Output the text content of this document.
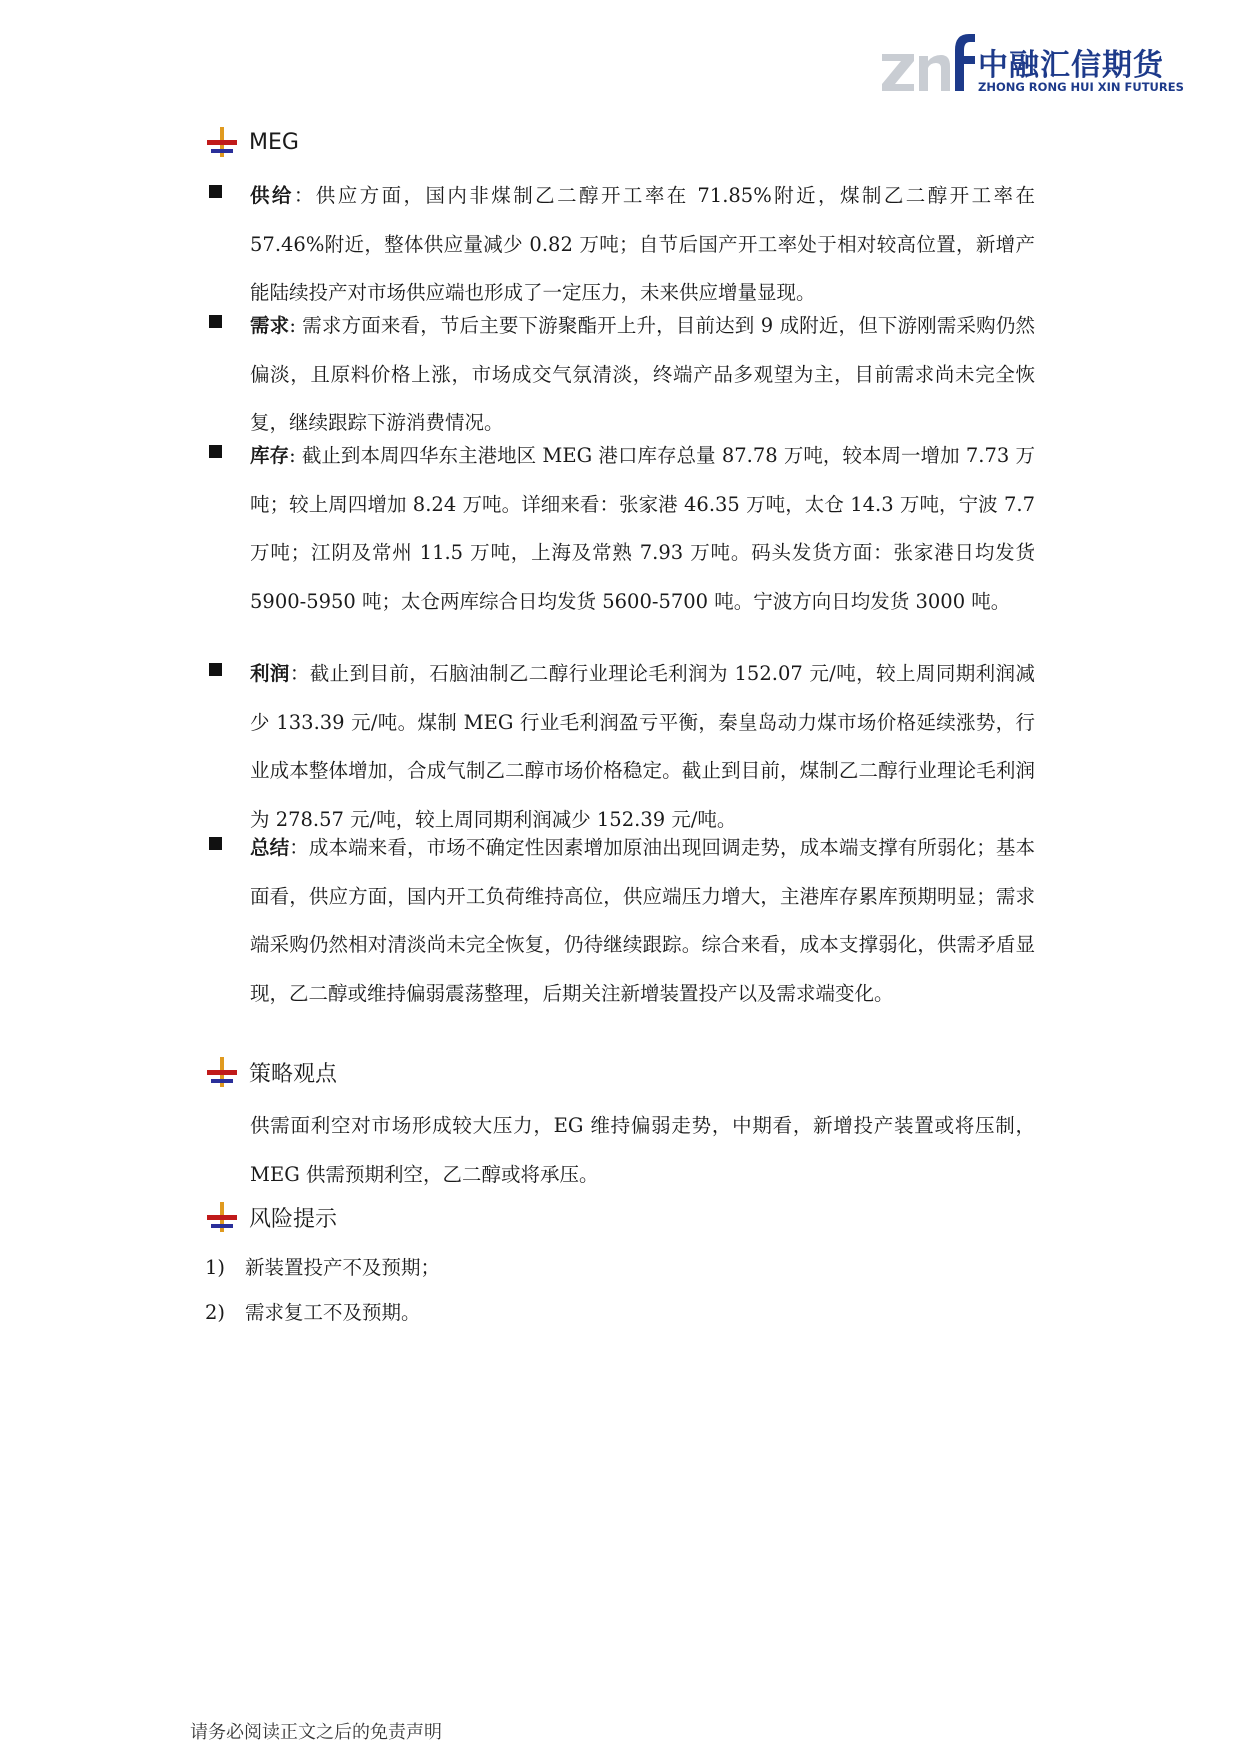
中融汇信期货
ZHONG RONG HUI XIN FUTURES
MEG
供给：供应方面，国内非煤制乙二醇开工率在 71.85%附近，煤制乙二醇开工率在 57.46%附近，整体供应量减少 0.82 万吨；自节后国产开工率处于相对较高位置，新增产能陆续投产对市场供应端也形成了一定压力，未来供应增量显现。
需求: 需求方面来看，节后主要下游聚酯开上升，目前达到 9 成附近，但下游刚需采购仍然偏淡，且原料价格上涨，市场成交气氛清淡，终端产品多观望为主，目前需求尚未完全恢复，继续跟踪下游消费情况。
库存: 截止到本周四华东主港地区 MEG 港口库存总量 87.78 万吨，较本周一增加 7.73 万吨；较上周四增加 8.24 万吨。详细来看：张家港 46.35 万吨，太仓 14.3 万吨，宁波 7.7 万吨；江阴及常州 11.5 万吨，上海及常熟 7.93 万吨。码头发货方面：张家港日均发货 5900-5950 吨；太仓两库综合日均发货 5600-5700 吨。宁波方向日均发货 3000 吨。
利润：截止到目前，石脑油制乙二醇行业理论毛利润为 152.07 元/吨，较上周同期利润减少 133.39 元/吨。煤制 MEG 行业毛利润盈亏平衡，秦皇岛动力煤市场价格延续涨势，行业成本整体增加，合成气制乙二醇市场价格稳定。截止到目前，煤制乙二醇行业理论毛利润为 278.57 元/吨，较上周同期利润减少 152.39 元/吨。
总结：成本端来看，市场不确定性因素增加原油出现回调走势，成本端支撑有所弱化；基本面看，供应方面，国内开工负荷维持高位，供应端压力增大，主港库存累库预期明显；需求端采购仍然相对清淡尚未完全恢复，仍待继续跟踪。综合来看，成本支撑弱化，供需矛盾显现，乙二醇或维持偏弱震荡整理，后期关注新增装置投产以及需求端变化。
策略观点
供需面利空对市场形成较大压力，EG 维持偏弱走势，中期看，新增投产装置或将压制，MEG 供需预期利空，乙二醇或将承压。
风险提示
1) 新装置投产不及预期；
2) 需求复工不及预期。
请务必阅读正文之后的免责声明
